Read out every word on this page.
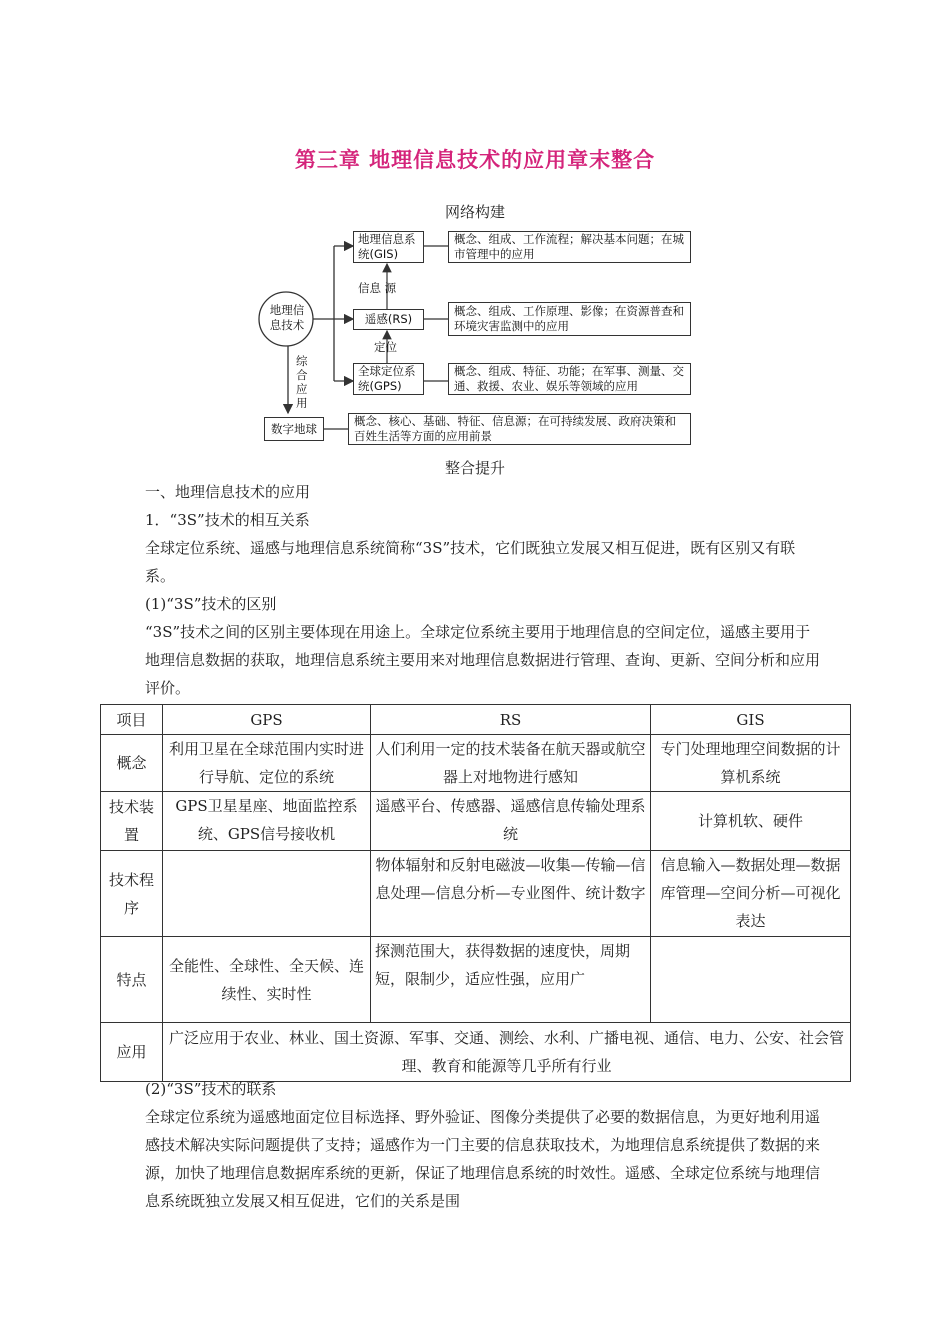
第三章 地理信息技术的应用章末整合
网络构建
地理信息技术
地理信息系统(GIS)
遥感(RS)
全球定位系统(GPS)
数字地球
信息 源
定位
综合应用
概念、组成、工作流程；解决基本问题；在城市管理中的应用
概念、组成、工作原理、影像；在资源普查和环境灾害监测中的应用
概念、组成、特征、功能；在军事、测量、交通、救援、农业、娱乐等领域的应用
概念、核心、基础、特征、信息源；在可持续发展、政府决策和百姓生活等方面的应用前景
整合提升
一、地理信息技术的应用
1．“3S”技术的相互关系
全球定位系统、遥感与地理信息系统简称“3S”技术，它们既独立发展又相互促进，既有区别又有联系。
(1)“3S”技术的区别
“3S”技术之间的区别主要体现在用途上。全球定位系统主要用于地理信息的空间定位，遥感主要用于地理信息数据的获取，地理信息系统主要用来对地理信息数据进行管理、查询、更新、空间分析和应用评价。
项目	GPS	RS	GIS
概念	利用卫星在全球范围内实时进行导航、定位的系统	人们利用一定的技术装备在航天器或航空器上对地物进行感知	专门处理地理空间数据的计算机系统
技术装置	GPS卫星星座、地面监控系统、GPS信号接收机	遥感平台、传感器、遥感信息传输处理系统	计算机软、硬件
技术程序		物体辐射和反射电磁波—收集—传输—信息处理—信息分析—专业图件、统计数字	信息输入—数据处理—数据库管理—空间分析—可视化表达
特点	全能性、全球性、全天候、连续性、实时性	探测范围大，获得数据的速度快，周期短，限制少，适应性强，应用广	
应用	广泛应用于农业、林业、国土资源、军事、交通、测绘、水利、广播电视、通信、电力、公安、社会管理、教育和能源等几乎所有行业		
(2)“3S”技术的联系
全球定位系统为遥感地面定位目标选择、野外验证、图像分类提供了必要的数据信息，为更好地利用遥感技术解决实际问题提供了支持；遥感作为一门主要的信息获取技术，为地理信息系统提供了数据的来源，加快了地理信息数据库系统的更新，保证了地理信息系统的时效性。遥感、全球定位系统与地理信息系统既独立发展又相互促进，它们的关系是围
